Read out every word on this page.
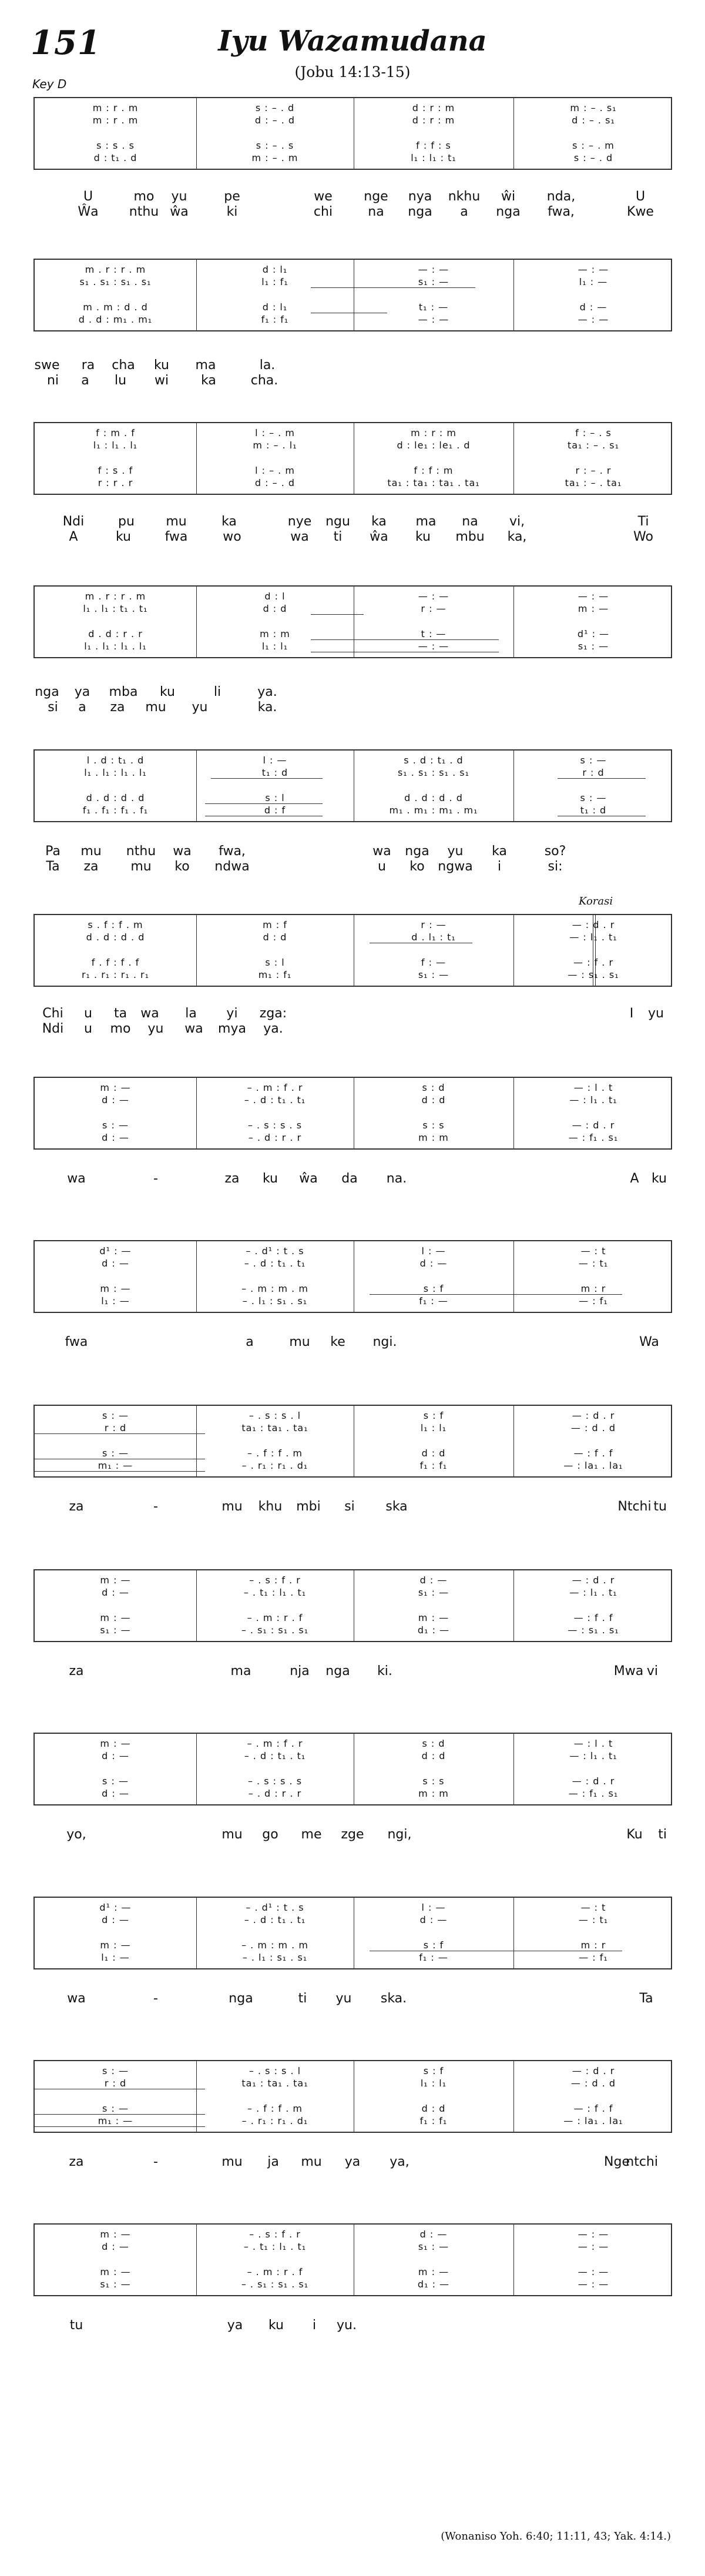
151	Iyu Wazamudana
(Jobu 14:13-15)
Key D
m : r . m	s : – . d	d : r : m	m : – . s₁
m : r . m	d : – . d	d : r : m	d : – . s₁
s : s . s	s : – . s	f : f : s	s : – . m
d : t₁ . d	m : – . m	l₁ : l₁ : t₁	s : – . d
U	mo yu	pe	we nge nya nkhu ŵi nda,	U
Ŵa nthu ŵa	ki	chi	na nga a nga fwa,	Kwe
m . r : r . m	d : l₁	— : —	— : —
s₁ . s₁ : s₁ . s₁	l₁ : f₁	s₁ : —	l₁ : —
m . m : d . d	d : l₁	t₁ : —	d : —
d . d : m₁ . m₁	f₁ : f₁	— : —	— : —
swe ra cha ku ma	la.
ni a lu wi	ka	cha.
f : m . f	l : – . m	m : r : m	f : – . s
l₁ : l₁ . l₁	m : – . l₁	d : le₁ : le₁ . d	ta₁ : – . s₁
f : s . f	l : – . m	f : f : m	r : – . r
r : r . r	d : – . d	ta₁ : ta₁ : ta₁ . ta₁	ta₁ : – . ta₁
Ndi	pu mu	ka	nye ngu ka ma na vi,	Ti
A	ku	fwa	wo	wa ti ŵa ku mbu ka,	Wo
m . r : r . m	d : l	— : —	— : —
l₁ . l₁ : t₁ . t₁	d : d	r : —	m : —
d . d : r . r	m : m	t : —	d¹ : —
l₁ . l₁ : l₁ . l₁	l₁ : l₁	— : —	s₁ : —
nga ya mba ku	li	ya.
si a za mu yu	ka.
l . d : t₁ . d	l : —	s . d : t₁ . d	s : —
l₁ . l₁ : l₁ . l₁	t₁ : d	s₁ . s₁ : s₁ . s₁	r : d
d . d : d . d	s : l	d . d : d . d	s : —
f₁ . f₁ : f₁ . f₁	d : f	m₁ . m₁ : m₁ . m₁	t₁ : d
Pa mu nthu wa fwa,	wa nga yu ka	so?
Ta za mu ko ndwa	u ko ngwa i	si:
Korasi
s . f : f . m	m : f	r : —	— : d . r
d . d : d . d	d : d	d . l₁ : t₁	— : l₁ . t₁
f . f : f . f	s : l	f : —	— : f . r
r₁ . r₁ : r₁ . r₁	m₁ : f₁	s₁ : —	— : s₁ . s₁
Chi u ta wa la yi zga:	I yu
Ndi u mo yu wa mya ya.
m : —	– . m : f . r	s : d	— : l . t
d : —	– . d : t₁ . t₁	d : d	— : l₁ . t₁
s : —	– . s : s . s	s : s	— : d . r
d : —	– . d : r . r	m : m	— : f₁ . s₁
wa	-	za ku ŵa da na.	A ku
d¹ : —	– . d¹ : t . s	l : —	— : t
d : —	– . d : t₁ . t₁	d : —	— : t₁
m : —	– . m : m . m	s : f	m : r
l₁ : —	– . l₁ : s₁ . s₁	f₁ : —	— : f₁
fwa	a	mu ke ngi.	Wa
s : —	– . s : s . l	s : f	— : d . r
r : d	ta₁ : ta₁ . ta₁	l₁ : l₁	— : d . d
s : —	– . f : f . m	d : d	— : f . f
m₁ : —	– . r₁ : r₁ . d₁	f₁ : f₁	— : la₁ . la₁
za	-	mu khu mbi si ska	Ntchi tu
m : —	– . s : f . r	d : —	— : d . r
d : —	– . t₁ : l₁ . t₁	s₁ : —	— : l₁ . t₁
m : —	– . m : r . f	m : —	— : f . f
s₁ : —	– . s₁ : s₁ . s₁	d₁ : —	— : s₁ . s₁
za	ma	nja nga ki.	Mwa vi
m : —	– . m : f . r	s : d	— : l . t
d : —	– . d : t₁ . t₁	d : d	— : l₁ . t₁
s : —	– . s : s . s	s : s	— : d . r
d : —	– . d : r . r	m : m	— : f₁ . s₁
yo,	mu go me zge ngi,	Ku ti
d¹ : —	– . d¹ : t . s	l : —	— : t
d : —	– . d : t₁ . t₁	d : —	— : t₁
m : —	– . m : m . m	s : f	m : r
l₁ : —	– . l₁ : s₁ . s₁	f₁ : —	— : f₁
wa	-	nga	ti yu ska.	Ta
s : —	– . s : s . l	s : f	— : d . r
r : d	ta₁ : ta₁ . ta₁	l₁ : l₁	— : d . d
s : —	– . f : f . m	d : d	— : f . f
m₁ : —	– . r₁ : r₁ . d₁	f₁ : f₁	— : la₁ . la₁
za	-	mu ja mu ya ya,	Nge
ntchi
m : —	– . s : f . r	d : —	— : —
d : —	– . t₁ : l₁ . t₁	s₁ : —	— : —
m : —	– . m : r . f	m : —	— : —
s₁ : —	– . s₁ : s₁ . s₁	d₁ : —	— : —
tu	ya ku i yu.
(Wonaniso Yoh. 6:40; 11:11, 43; Yak. 4:14.)
